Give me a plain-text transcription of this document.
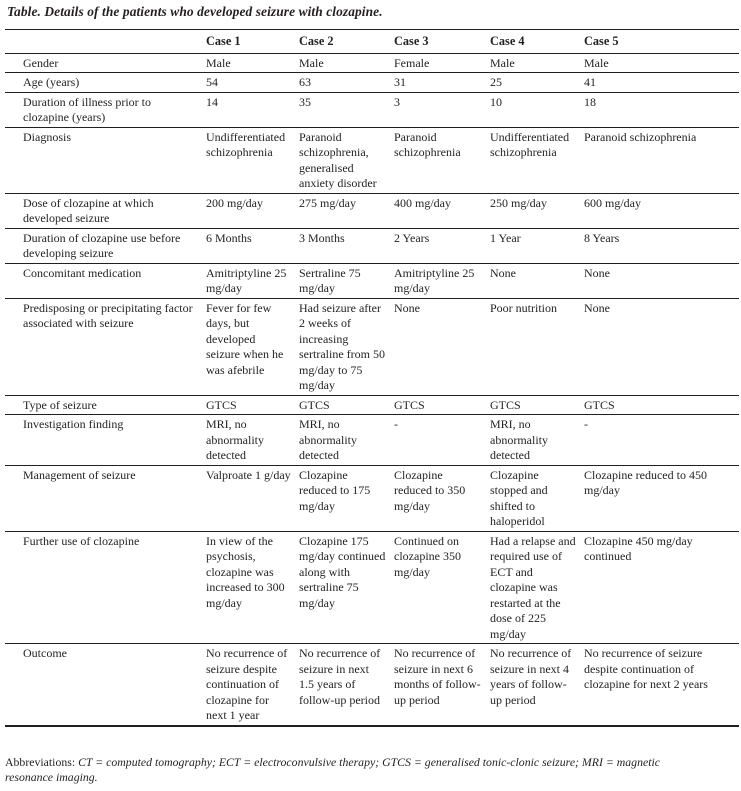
Table. Details of the patients who developed seizure with clozapine.
	Case 1	Case 2	Case 3	Case 4	Case 5
Gender	Male	Male	Female	Male	Male
Age (years)	54	63	31	25	41
Duration of illness prior to clozapine (years)	14	35	3	10	18
Diagnosis	Undifferentiated schizophrenia	Paranoid schizophrenia, generalised anxiety disorder	Paranoid schizophrenia	Undifferentiated schizophrenia	Paranoid schizophrenia
Dose of clozapine at which developed seizure	200 mg/day	275 mg/day	400 mg/day	250 mg/day	600 mg/day
Duration of clozapine use before developing seizure	6 Months	3 Months	2 Years	1 Year	8 Years
Concomitant medication	Amitriptyline 25 mg/day	Sertraline 75 mg/day	Amitriptyline 25 mg/day	None	None
Predisposing or precipitating factor associated with seizure	Fever for few days, but developed seizure when he was afebrile	Had seizure after 2 weeks of increasing sertraline from 50 mg/day to 75 mg/day	None	Poor nutrition	None
Type of seizure	GTCS	GTCS	GTCS	GTCS	GTCS
Investigation finding	MRI, no abnormality detected	MRI, no abnormality detected	-	MRI, no abnormality detected	-
Management of seizure	Valproate 1 g/day	Clozapine reduced to 175 mg/day	Clozapine reduced to 350 mg/day	Clozapine stopped and shifted to haloperidol	Clozapine reduced to 450 mg/day
Further use of clozapine	In view of the psychosis, clozapine was increased to 300 mg/day	Clozapine 175 mg/day continued along with sertraline 75 mg/day	Continued on clozapine 350 mg/day	Had a relapse and required use of ECT and clozapine was restarted at the dose of 225 mg/day	Clozapine 450 mg/day continued
Outcome	No recurrence of seizure despite continuation of clozapine for next 1 year	No recurrence of seizure in next 1.5 years of follow-up period	No recurrence of seizure in next 6 months of follow-up period	No recurrence of seizure in next 4 years of follow-up period	No recurrence of seizure despite continuation of clozapine for next 2 years
Abbreviations: CT = computed tomography; ECT = electroconvulsive therapy; GTCS = generalised tonic-clonic seizure; MRI = magnetic resonance imaging.
